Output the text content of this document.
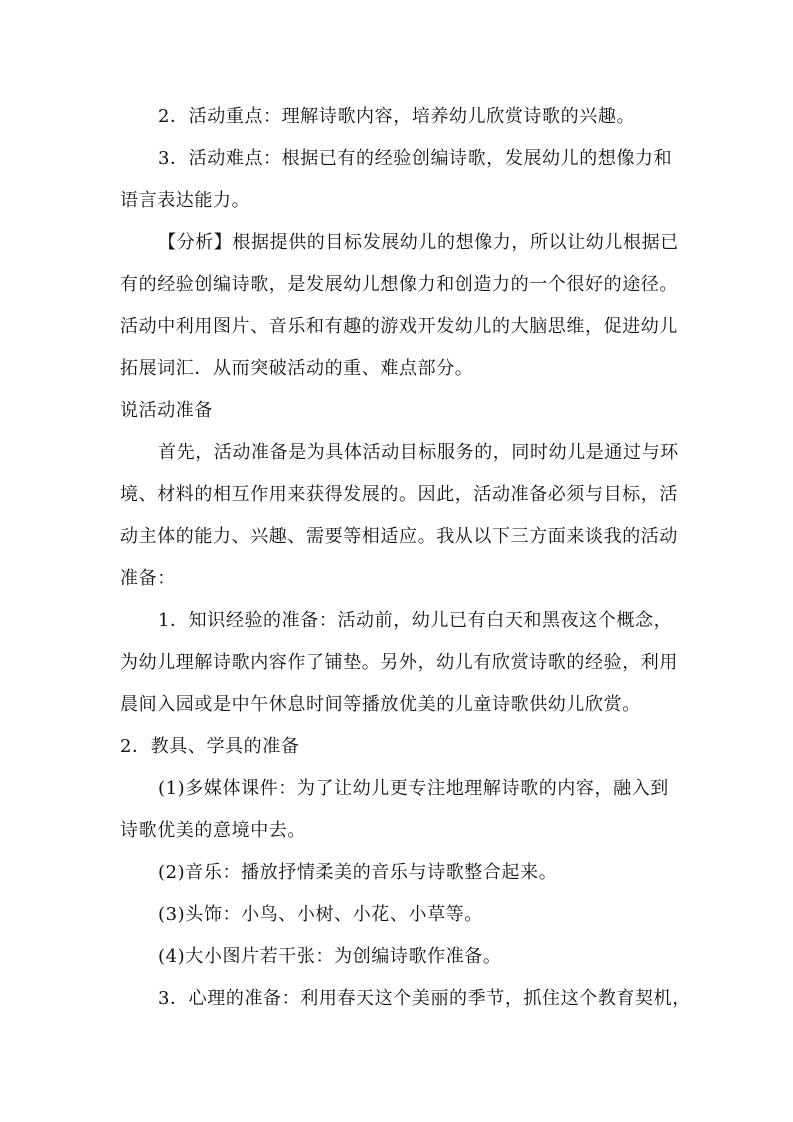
2．活动重点：理解诗歌内容，培养幼儿欣赏诗歌的兴趣。
3．活动难点：根据已有的经验创编诗歌，发展幼儿的想像力和
语言表达能力。
【分析】根据提供的目标发展幼儿的想像力，所以让幼儿根据已
有的经验创编诗歌，是发展幼儿想像力和创造力的一个很好的途径。
活动中利用图片、音乐和有趣的游戏开发幼儿的大脑思维，促进幼儿
拓展词汇．从而突破活动的重、难点部分。
说活动准备
首先，活动准备是为具体活动目标服务的，同时幼儿是通过与环
境、材料的相互作用来获得发展的。因此，活动准备必须与目标，活
动主体的能力、兴趣、需要等相适应。我从以下三方面来谈我的活动
准备：
1．知识经验的准备：活动前，幼儿已有白天和黑夜这个概念，
为幼儿理解诗歌内容作了铺垫。另外，幼儿有欣赏诗歌的经验，利用
晨间入园或是中午休息时间等播放优美的儿童诗歌供幼儿欣赏。
2．教具、学具的准备
(1)多媒体课件：为了让幼儿更专注地理解诗歌的内容，融入到
诗歌优美的意境中去。
(2)音乐：播放抒情柔美的音乐与诗歌整合起来。
(3)头饰：小鸟、小树、小花、小草等。
(4)大小图片若干张：为创编诗歌作准备。
3．心理的准备：利用春天这个美丽的季节，抓住这个教育契机，
